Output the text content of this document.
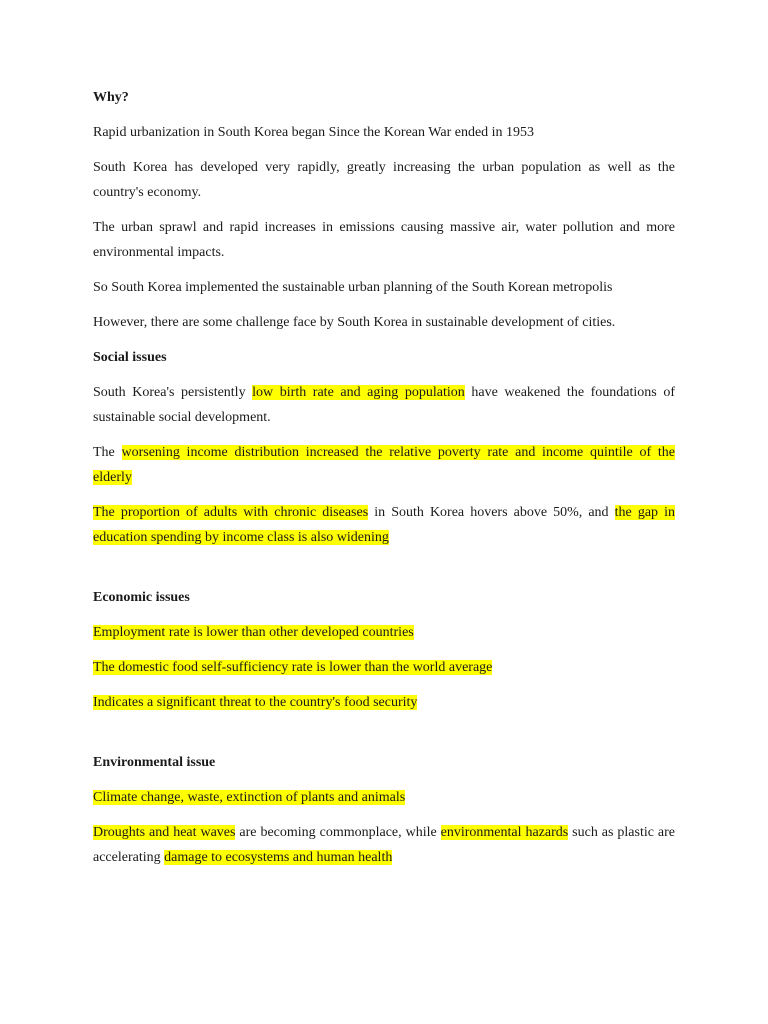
Why?
Rapid urbanization in South Korea began Since the Korean War ended in 1953
South Korea has developed very rapidly, greatly increasing the urban population as well as the country's economy.
The urban sprawl and rapid increases in emissions causing massive air, water pollution and more environmental impacts.
So South Korea implemented the sustainable urban planning of the South Korean metropolis
However, there are some challenge face by South Korea in sustainable development of cities.
Social issues
South Korea's persistently low birth rate and aging population have weakened the foundations of sustainable social development.
The worsening income distribution increased the relative poverty rate and income quintile of the elderly
The proportion of adults with chronic diseases in South Korea hovers above 50%, and the gap in education spending by income class is also widening
Economic issues
Employment rate is lower than other developed countries
The domestic food self-sufficiency rate is lower than the world average
Indicates a significant threat to the country's food security
Environmental issue
Climate change, waste, extinction of plants and animals
Droughts and heat waves are becoming commonplace, while environmental hazards such as plastic are accelerating damage to ecosystems and human health
